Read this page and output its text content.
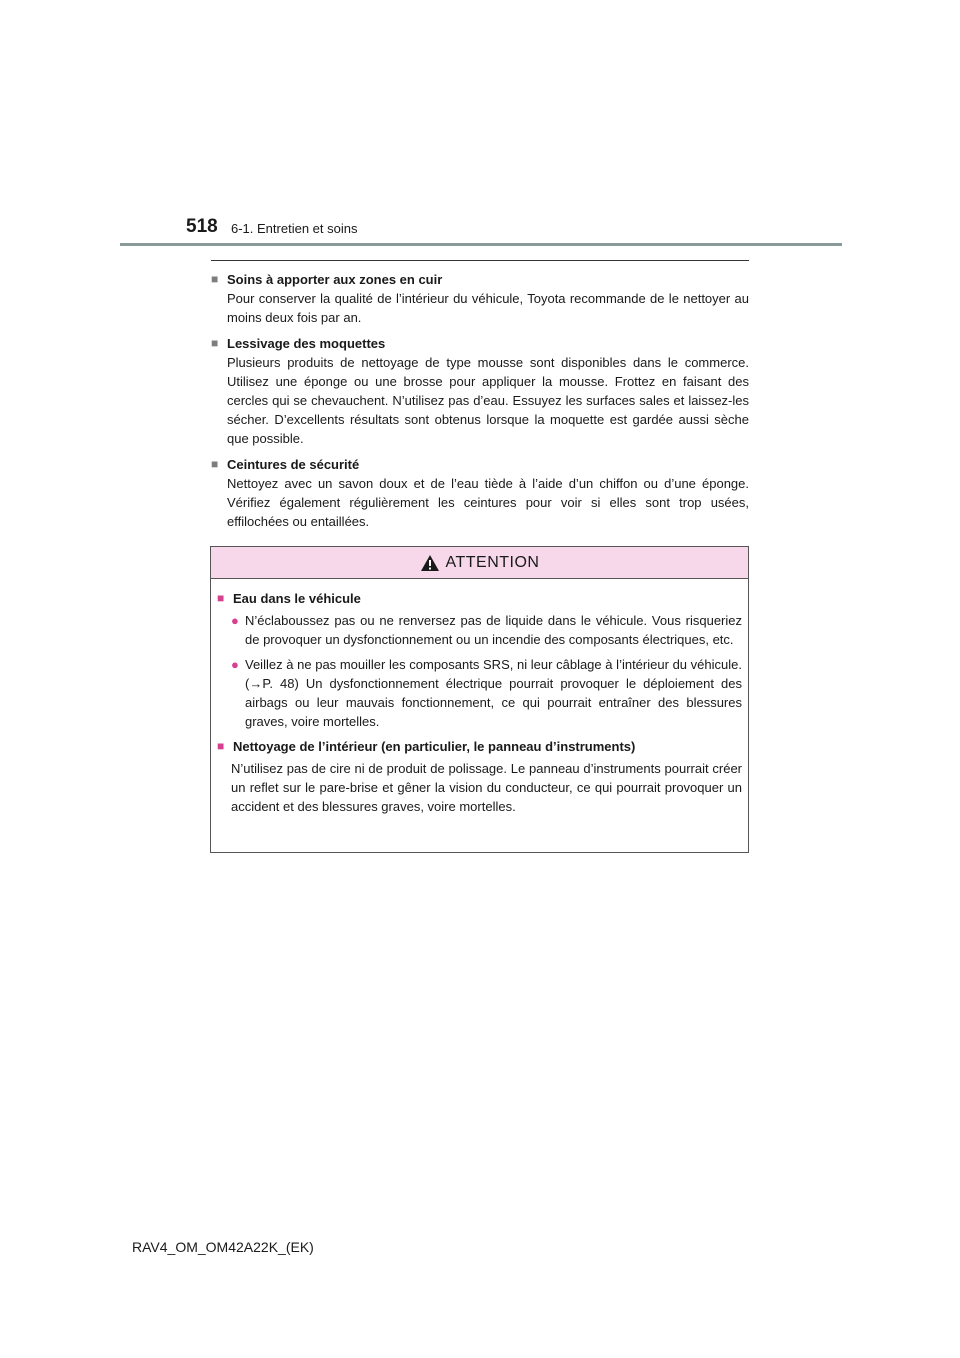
518 6-1. Entretien et soins
■ Soins à apporter aux zones en cuir
Pour conserver la qualité de l’intérieur du véhicule, Toyota recommande de le nettoyer au moins deux fois par an.
■ Lessivage des moquettes
Plusieurs produits de nettoyage de type mousse sont disponibles dans le commerce. Utilisez une éponge ou une brosse pour appliquer la mousse. Frottez en faisant des cercles qui se chevauchent. N’utilisez pas d’eau. Essuyez les surfaces sales et laissez-les sécher. D’excellents résultats sont obtenus lorsque la moquette est gardée aussi sèche que possible.
■ Ceintures de sécurité
Nettoyez avec un savon doux et de l’eau tiède à l’aide d’un chiffon ou d’une éponge. Vérifiez également régulièrement les ceintures pour voir si elles sont trop usées, effilochées ou entaillées.
ATTENTION
■ Eau dans le véhicule
● N’éclaboussez pas ou ne renversez pas de liquide dans le véhicule. Vous risqueriez de provoquer un dysfonctionnement ou un incendie des composants électriques, etc.
● Veillez à ne pas mouiller les composants SRS, ni leur câblage à l’intérieur du véhicule. (→P. 48) Un dysfonctionnement électrique pourrait provoquer le déploiement des airbags ou leur mauvais fonctionnement, ce qui pourrait entraîner des blessures graves, voire mortelles.
■ Nettoyage de l’intérieur (en particulier, le panneau d’instruments)
N’utilisez pas de cire ni de produit de polissage. Le panneau d’instruments pourrait créer un reflet sur le pare-brise et gêner la vision du conducteur, ce qui pourrait provoquer un accident et des blessures graves, voire mortelles.
RAV4_OM_OM42A22K_(EK)
